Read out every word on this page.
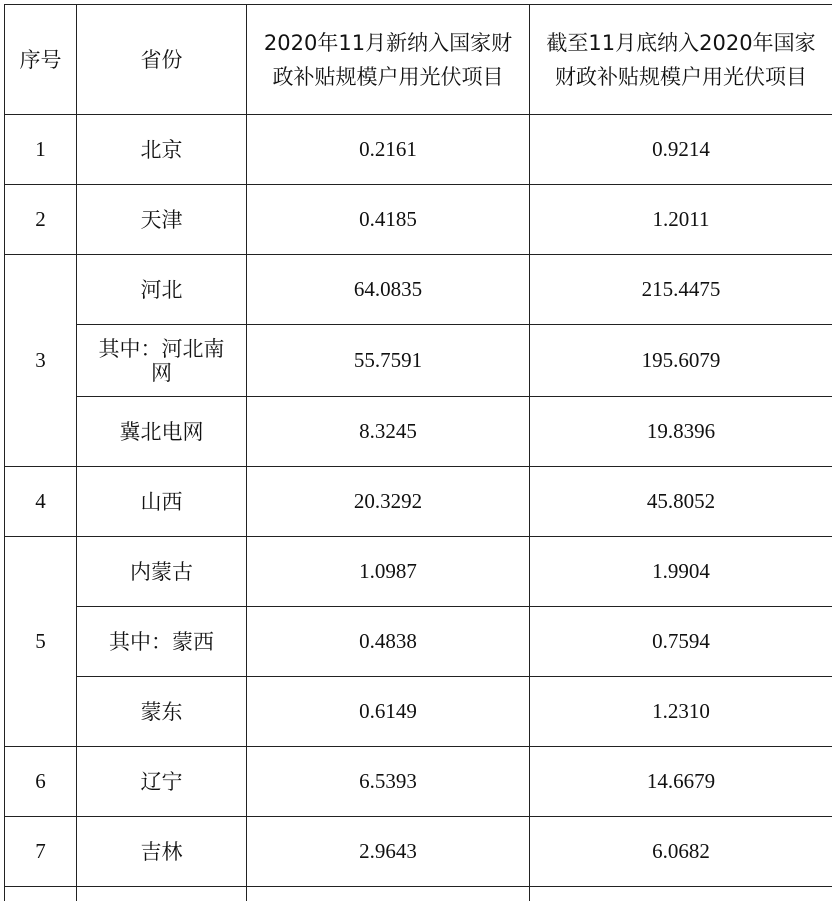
序号	省份	2020年11月新纳入国家财政补贴规模户用光伏项目	截至11月底纳入2020年国家财政补贴规模户用光伏项目
1	北京	0.2161	0.9214
2	天津	0.4185	1.2011
3	河北	64.0835	215.4475
	其中：河北南网	55.7591	195.6079
	冀北电网	8.3245	19.8396
4	山西	20.3292	45.8052
5	内蒙古	1.0987	1.9904
	其中：蒙西	0.4838	0.7594
	蒙东	0.6149	1.2310
6	辽宁	6.5393	14.6679
7	吉林	2.9643	6.0682
